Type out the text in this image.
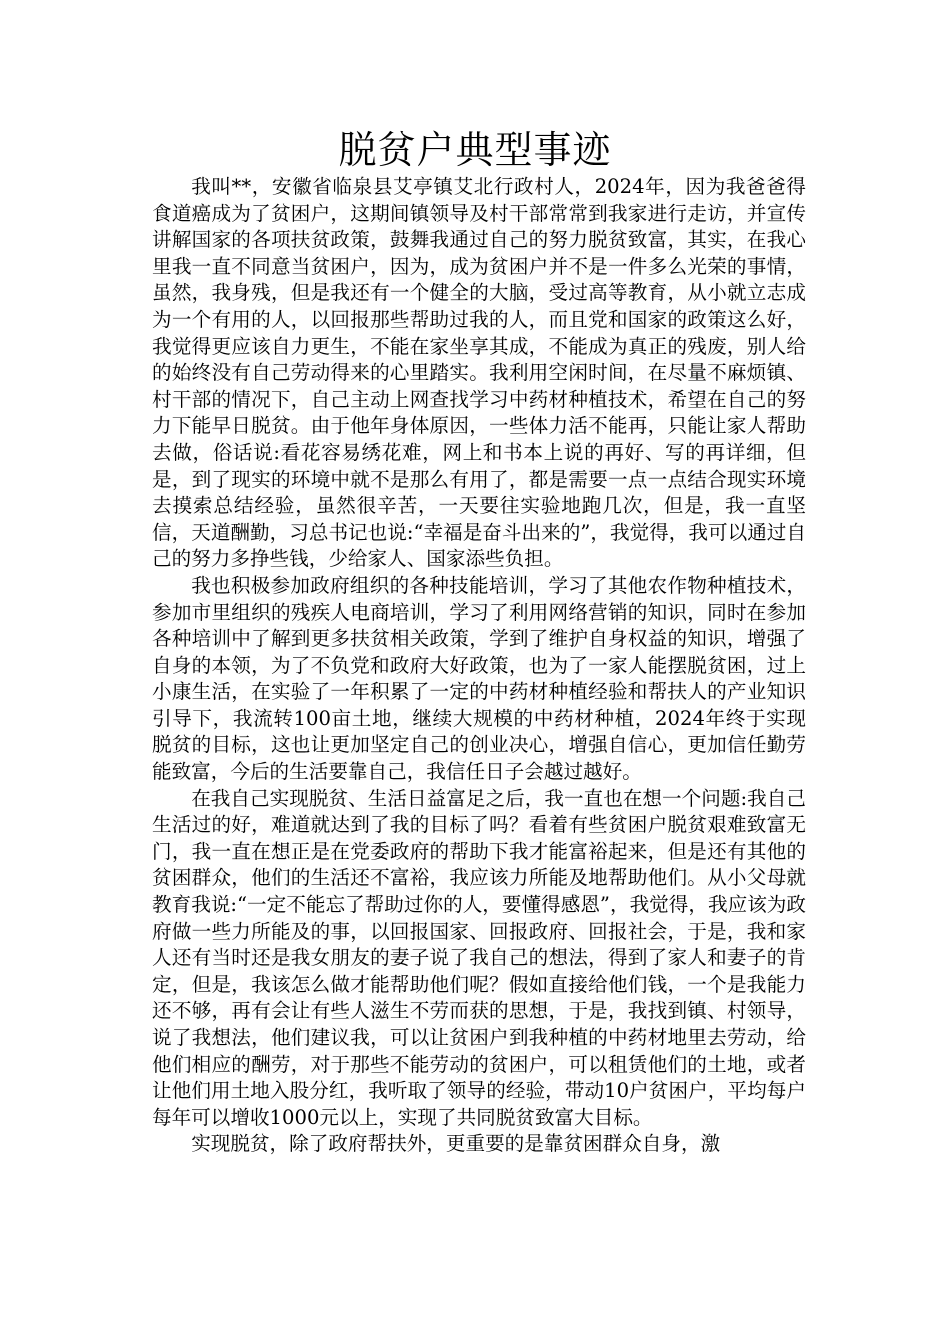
脱贫户典型事迹

我叫**，安徽省临泉县艾亭镇艾北行政村人，2024年，因为我爸爸得食道癌成为了贫困户，这期间镇领导及村干部常常到我家进行走访，并宣传讲解国家的各项扶贫政策，鼓舞我通过自己的努力脱贫致富，其实，在我心里我一直不同意当贫困户，因为，成为贫困户并不是一件多么光荣的事情，虽然，我身残，但是我还有一个健全的大脑，受过高等教育，从小就立志成为一个有用的人，以回报那些帮助过我的人，而且党和国家的政策这么好，我觉得更应该自力更生，不能在家坐享其成，不能成为真正的残废，别人给的始终没有自己劳动得来的心里踏实。我利用空闲时间，在尽量不麻烦镇、村干部的情况下，自己主动上网查找学习中药材种植技术，希望在自己的努力下能早日脱贫。由于他年身体原因，一些体力活不能再，只能让家人帮助去做，俗话说:看花容易绣花难，网上和书本上说的再好、写的再详细，但是，到了现实的环境中就不是那么有用了，都是需要一点一点结合现实环境去摸索总结经验，虽然很辛苦，一天要往实验地跑几次，但是，我一直坚信，天道酬勤，习总书记也说:“幸福是奋斗出来的”，我觉得，我可以通过自己的努力多挣些钱，少给家人、国家添些负担。

我也积极参加政府组织的各种技能培训，学习了其他农作物种植技术，参加市里组织的残疾人电商培训，学习了利用网络营销的知识，同时在参加各种培训中了解到更多扶贫相关政策，学到了维护自身权益的知识，增强了自身的本领，为了不负党和政府大好政策，也为了一家人能摆脱贫困，过上小康生活，在实验了一年积累了一定的中药材种植经验和帮扶人的产业知识引导下，我流转100亩土地，继续大规模的中药材种植，2024年终于实现脱贫的目标，这也让更加坚定自己的创业决心，增强自信心，更加信任勤劳能致富，今后的生活要靠自己，我信任日子会越过越好。

在我自己实现脱贫、生活日益富足之后，我一直也在想一个问题:我自己生活过的好，难道就达到了我的目标了吗？看着有些贫困户脱贫艰难致富无门，我一直在想正是在党委政府的帮助下我才能富裕起来，但是还有其他的贫困群众，他们的生活还不富裕，我应该力所能及地帮助他们。从小父母就教育我说:“一定不能忘了帮助过你的人，要懂得感恩”，我觉得，我应该为政府做一些力所能及的事，以回报国家、回报政府、回报社会，于是，我和家人还有当时还是我女朋友的妻子说了我自己的想法，得到了家人和妻子的肯定，但是，我该怎么做才能帮助他们呢？假如直接给他们钱，一个是我能力还不够，再有会让有些人滋生不劳而获的思想，于是，我找到镇、村领导，说了我想法，他们建议我，可以让贫困户到我种植的中药材地里去劳动，给他们相应的酬劳，对于那些不能劳动的贫困户，可以租赁他们的土地，或者让他们用土地入股分红，我听取了领导的经验，带动10户贫困户，平均每户每年可以增收1000元以上，实现了共同脱贫致富大目标。

实现脱贫，除了政府帮扶外，更重要的是靠贫困群众自身，激
